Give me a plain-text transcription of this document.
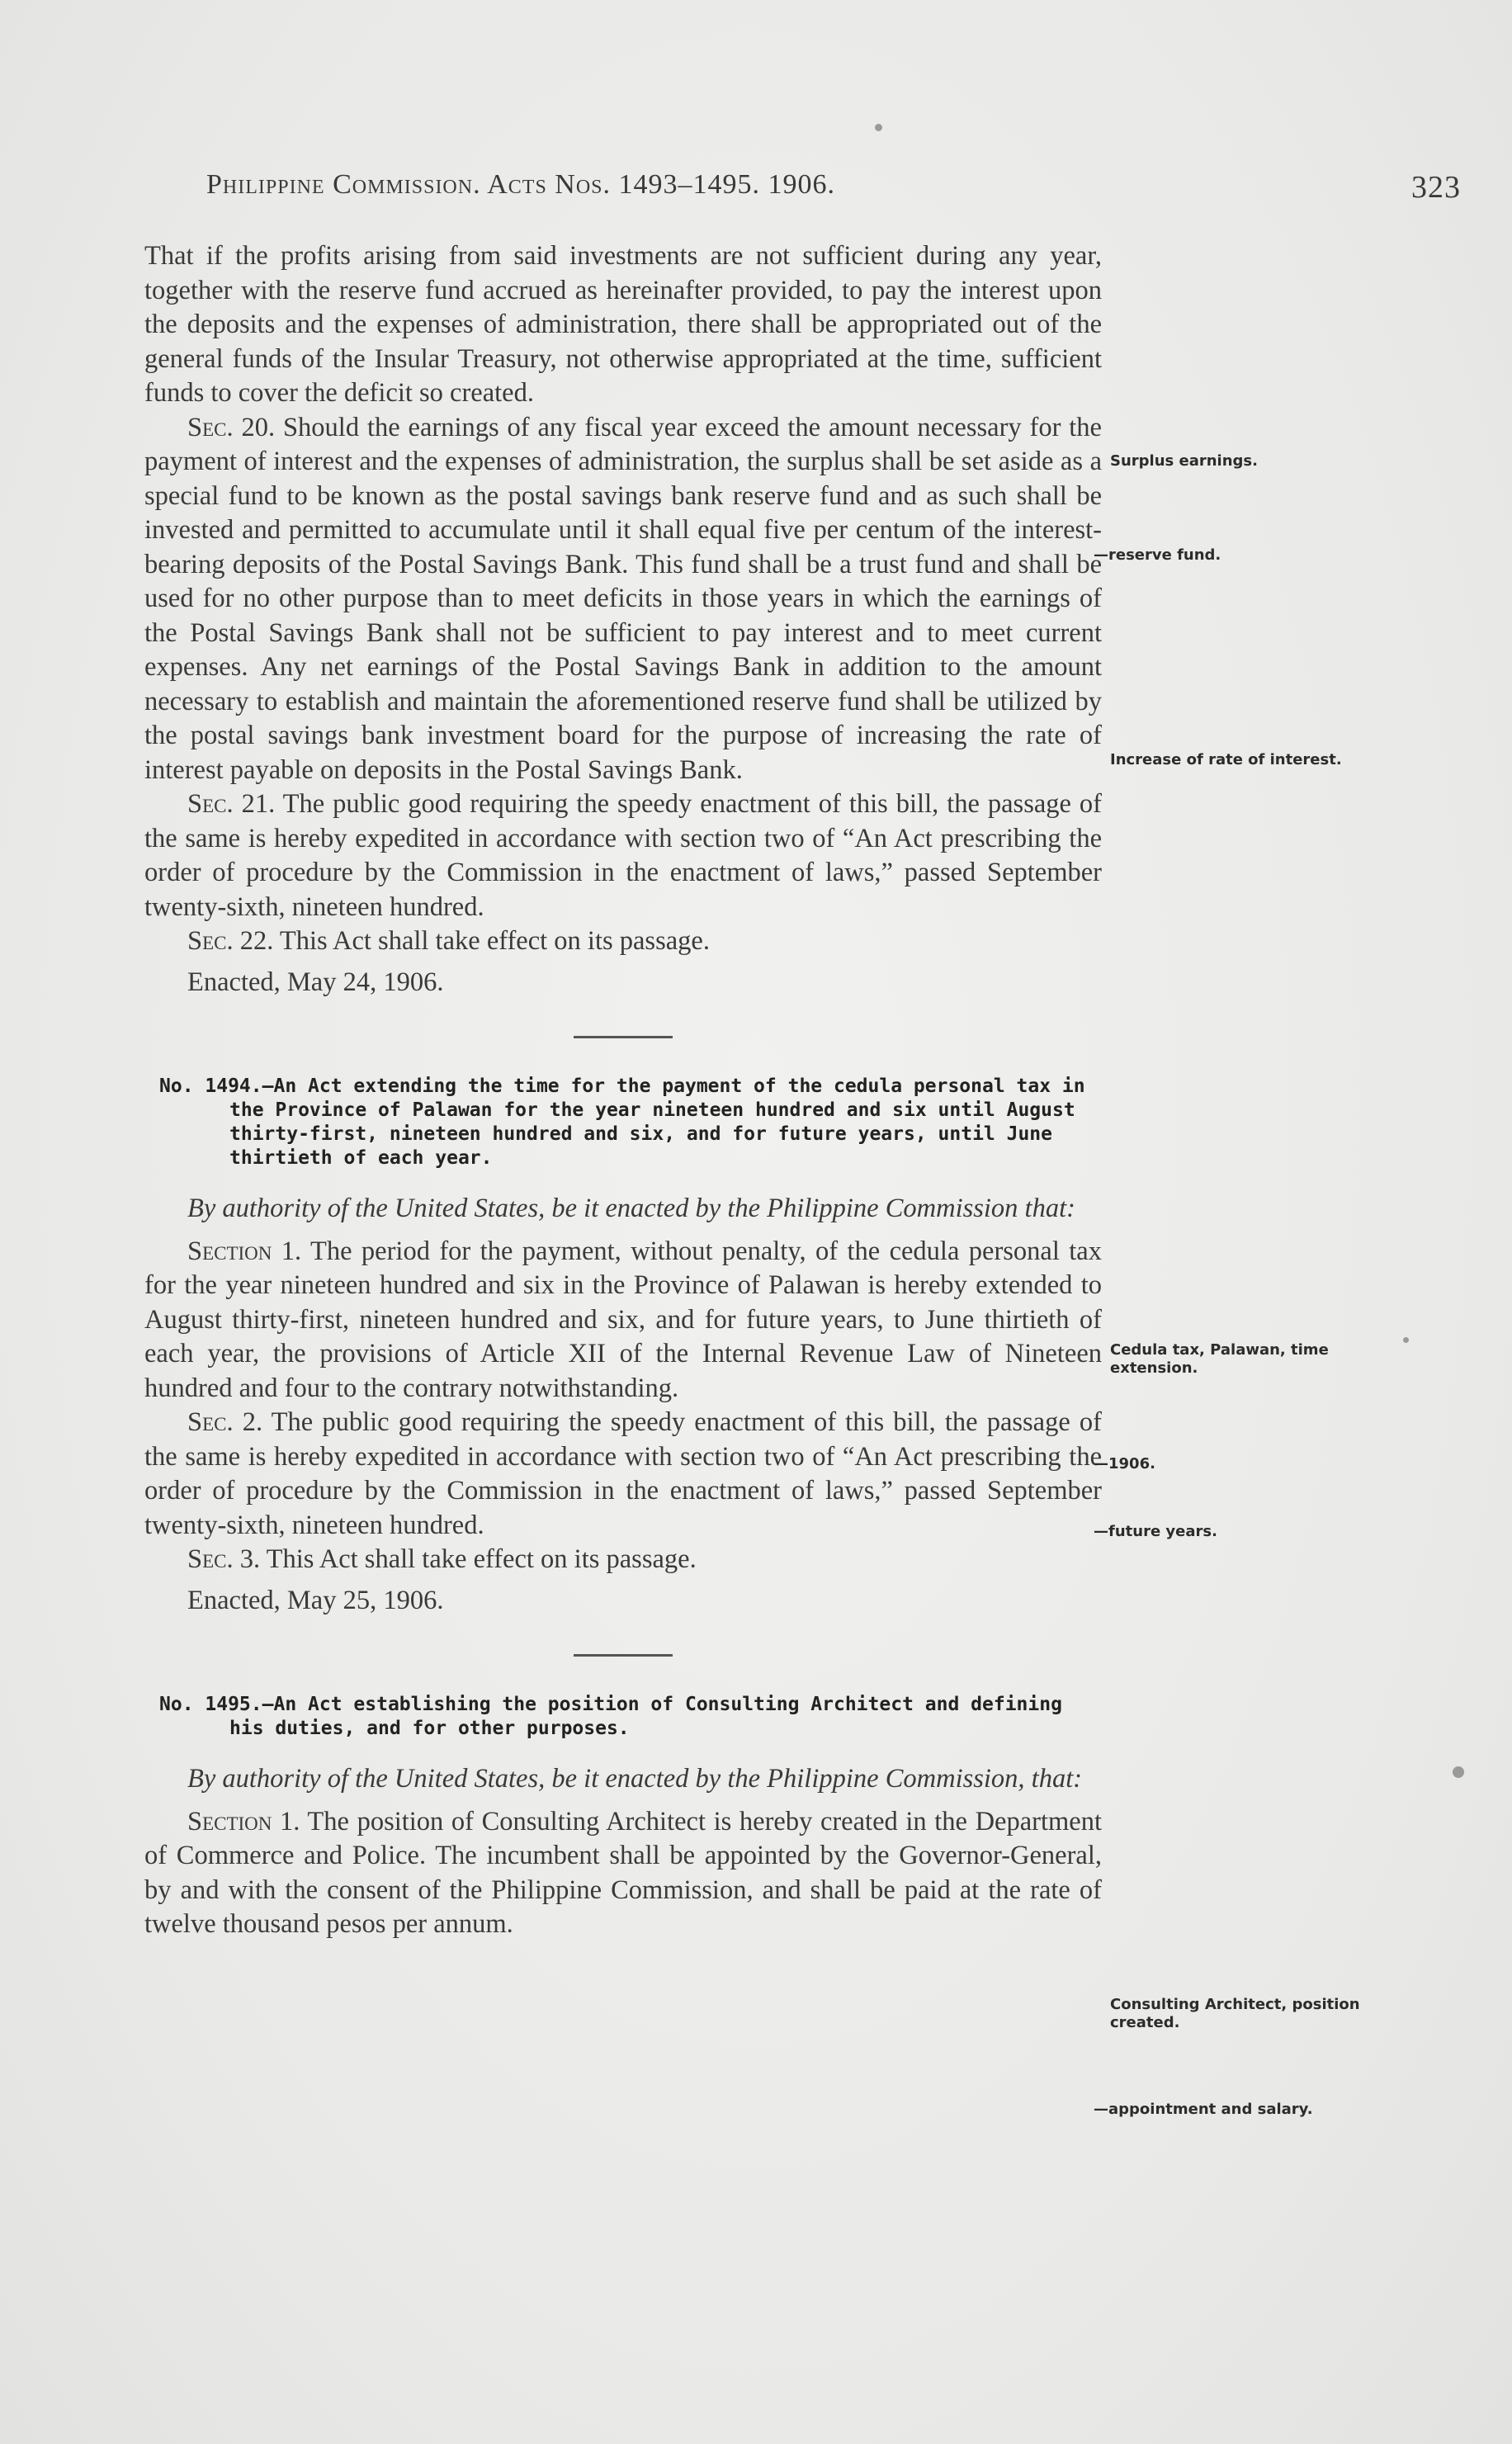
Philippine Commission. Acts Nos. 1493–1495. 1906.	323

That if the profits arising from said investments are not sufficient during any year, together with the reserve fund accrued as hereinafter provided, to pay the interest upon the deposits and the expenses of administration, there shall be appropriated out of the general funds of the Insular Treasury, not otherwise appropriated at the time, sufficient funds to cover the deficit so created.

Sec. 20. Should the earnings of any fiscal year exceed the amount necessary for the payment of interest and the expenses of administration, the surplus shall be set aside as a special fund to be known as the postal savings bank reserve fund and as such shall be invested and permitted to accumulate until it shall equal five per centum of the interest-bearing deposits of the Postal Savings Bank. This fund shall be a trust fund and shall be used for no other purpose than to meet deficits in those years in which the earnings of the Postal Savings Bank shall not be sufficient to pay interest and to meet current expenses. Any net earnings of the Postal Savings Bank in addition to the amount necessary to establish and maintain the aforementioned reserve fund shall be utilized by the postal savings bank investment board for the purpose of increasing the rate of interest payable on deposits in the Postal Savings Bank.

Sec. 21. The public good requiring the speedy enactment of this bill, the passage of the same is hereby expedited in accordance with section two of “An Act prescribing the order of procedure by the Commission in the enactment of laws,” passed September twenty-sixth, nineteen hundred.

Sec. 22. This Act shall take effect on its passage.

Enacted, May 24, 1906.

No. 1494.—An Act extending the time for the payment of the cedula personal tax in the Province of Palawan for the year nineteen hundred and six until August thirty-first, nineteen hundred and six, and for future years, until June thirtieth of each year.

By authority of the United States, be it enacted by the Philippine Commission that:

Section 1. The period for the payment, without penalty, of the cedula personal tax for the year nineteen hundred and six in the Province of Palawan is hereby extended to August thirty-first, nineteen hundred and six, and for future years, to June thirtieth of each year, the provisions of Article XII of the Internal Revenue Law of Nineteen hundred and four to the contrary notwithstanding.

Sec. 2. The public good requiring the speedy enactment of this bill, the passage of the same is hereby expedited in accordance with section two of “An Act prescribing the order of procedure by the Commission in the enactment of laws,” passed September twenty-sixth, nineteen hundred.

Sec. 3. This Act shall take effect on its passage.

Enacted, May 25, 1906.

No. 1495.—An Act establishing the position of Consulting Architect and defining his duties, and for other purposes.

By authority of the United States, be it enacted by the Philippine Commission, that:

Section 1. The position of Consulting Architect is hereby created in the Department of Commerce and Police. The incumbent shall be appointed by the Governor-General, by and with the consent of the Philippine Commission, and shall be paid at the rate of twelve thousand pesos per annum.

Surplus earnings.
—reserve fund.
Increase of rate of interest.
Cedula tax, Palawan, time extension.
—1906.
—future years.
Consulting Architect, position created.
—appointment and salary.
